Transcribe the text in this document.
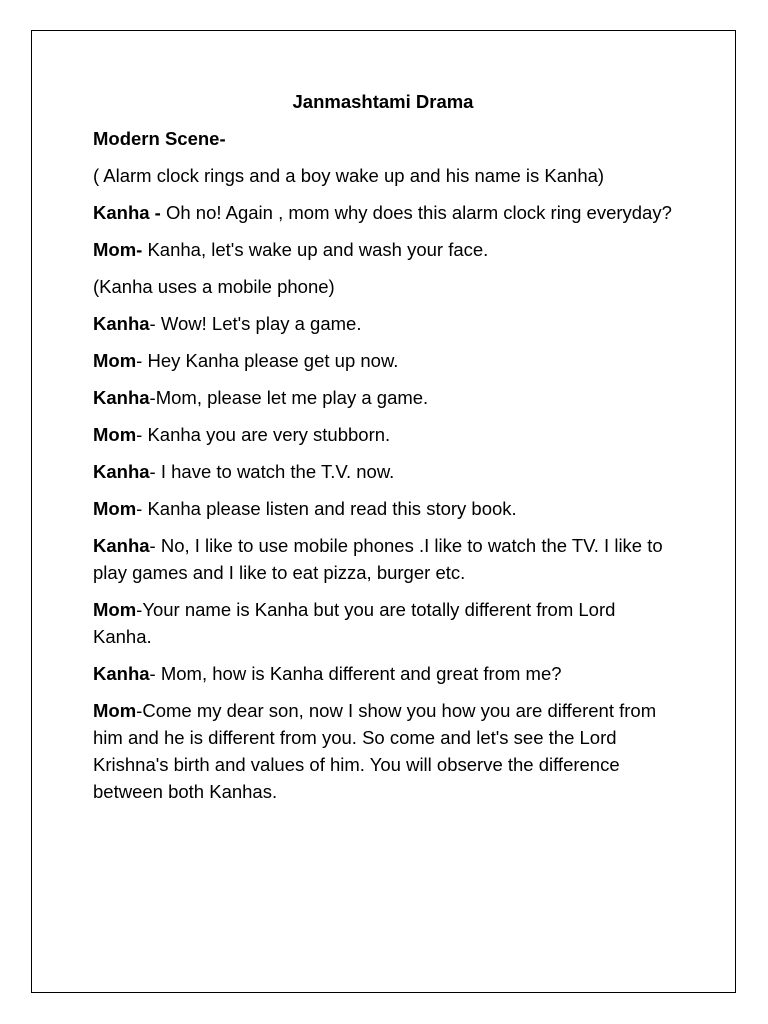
Janmashtami Drama
Modern Scene-
( Alarm clock rings and a boy wake up and his name is Kanha)
Kanha - Oh no! Again , mom why does this alarm clock ring everyday?
Mom- Kanha, let's wake up and wash your face.
(Kanha uses a mobile phone)
Kanha- Wow! Let's play a game.
Mom- Hey Kanha please get up now.
Kanha-Mom, please let me play a game.
Mom- Kanha you are very stubborn.
Kanha- I have to watch the T.V. now.
Mom- Kanha please listen and read this story book.
Kanha- No, I like to use mobile phones .I like to watch the TV. I like to play games and I like to eat pizza, burger etc.
Mom-Your name is Kanha but you are totally different from Lord Kanha.
Kanha- Mom, how is Kanha different and great from me?
Mom-Come my dear son, now I show you how you are different from him and he is different from you. So come and let's see the Lord Krishna's birth and values of him. You will observe the difference between both Kanhas.
